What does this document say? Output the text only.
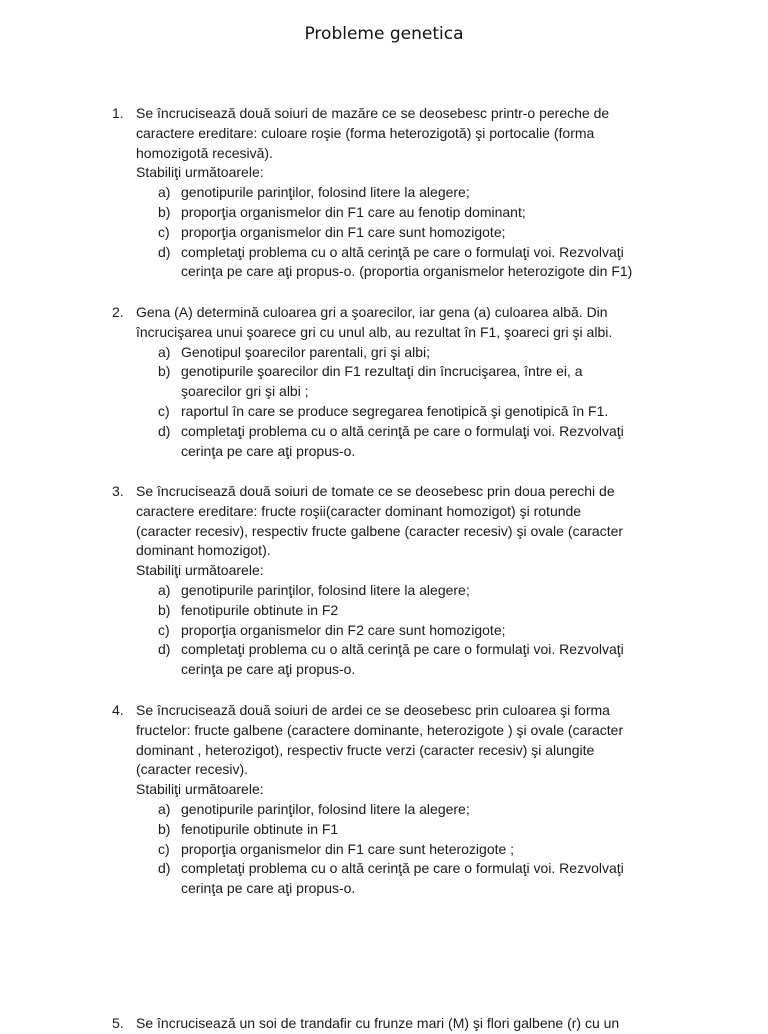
Probleme genetica
1. Se încrucisează două soiuri de mazăre ce se deosebesc printr-o pereche de
caractere ereditare: culoare roşie (forma heterozigotă) şi portocalie (forma
homozigotă recesivă).
Stabiliţi următoarele:
a) genotipurile parinţilor, folosind litere la alegere;
b) proporţia organismelor din F1 care au fenotip dominant;
c) proporţia organismelor din F1 care sunt homozigote;
d) completaţi problema cu o altă cerinţă pe care o formulaţi voi. Rezvolvaţi
cerinţa pe care aţi propus-o. (proportia organismelor heterozigote din F1)
2. Gena (A) determină culoarea gri a şoarecilor, iar gena (a) culoarea albă. Din
încrucişarea unui şoarece gri cu unul alb, au rezultat în F1, şoareci gri şi albi.
a) Genotipul şoarecilor parentali, gri şi albi;
b) genotipurile şoarecilor din F1 rezultaţi din încrucişarea, între ei, a
şoarecilor gri şi albi ;
c) raportul în care se produce segregarea fenotipică şi genotipică în F1.
d) completaţi problema cu o altă cerinţă pe care o formulaţi voi. Rezvolvaţi
cerinţa pe care aţi propus-o.
3. Se încrucisează două soiuri de tomate ce se deosebesc prin doua perechi de
caractere ereditare: fructe roşii(caracter dominant homozigot) şi rotunde
(caracter recesiv), respectiv fructe galbene (caracter recesiv) şi ovale (caracter
dominant homozigot).
Stabiliţi următoarele:
a) genotipurile parinţilor, folosind litere la alegere;
b) fenotipurile obtinute in F2
c) proporţia organismelor din F2 care sunt homozigote;
d) completaţi problema cu o altă cerinţă pe care o formulaţi voi. Rezvolvaţi
cerinţa pe care aţi propus-o.
4. Se încrucisează două soiuri de ardei ce se deosebesc prin culoarea şi forma
fructelor: fructe galbene (caractere dominante, heterozigote ) şi ovale (caracter
dominant , heterozigot), respectiv fructe verzi (caracter recesiv) şi alungite
(caracter recesiv).
Stabiliţi următoarele:
a) genotipurile parinţilor, folosind litere la alegere;
b) fenotipurile obtinute in F1
c) proporţia organismelor din F1 care sunt heterozigote ;
d) completaţi problema cu o altă cerinţă pe care o formulaţi voi. Rezvolvaţi
cerinţa pe care aţi propus-o.
5. Se încrucisează un soi de trandafir cu frunze mari (M) şi flori galbene (r) cu un
